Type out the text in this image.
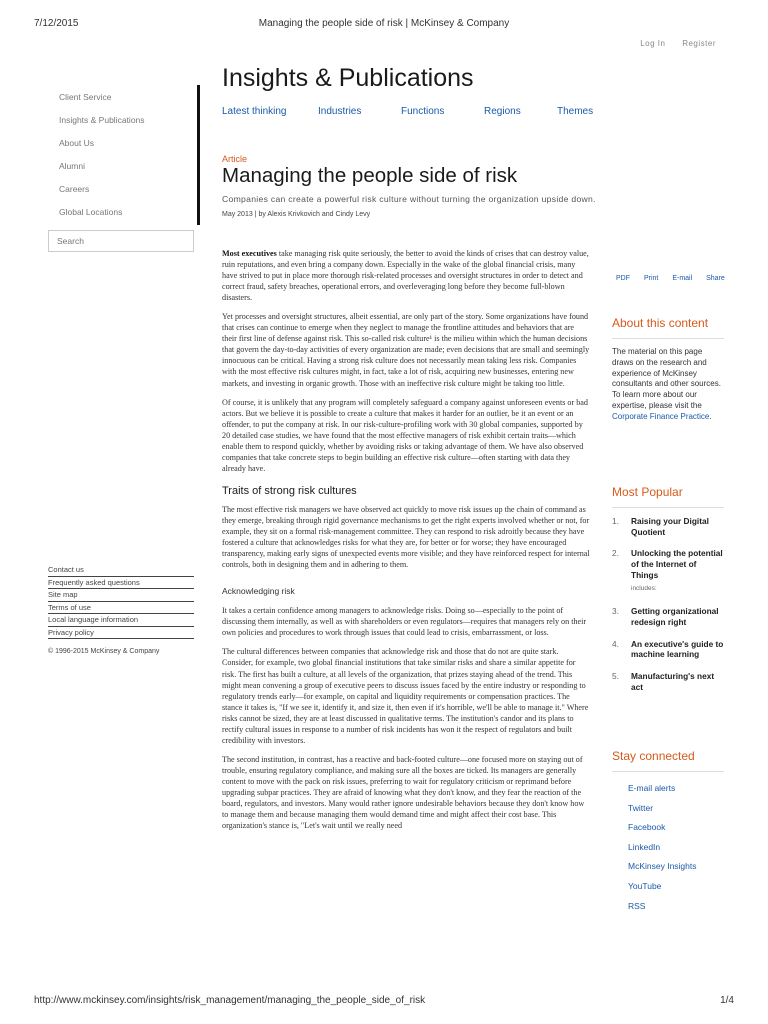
7/12/2015	Managing the people side of risk | McKinsey & Company
http://www.mckinsey.com/insights/risk_management/managing_the_people_side_of_risk	1/4
Log In Register
Client Service
Insights & Publications
About Us
Alumni
Careers
Global Locations
Search
Contact us
Frequently asked questions
Site map
Terms of use
Local language information
Privacy policy
© 1996-2015 McKinsey & Company
Insights & Publications
Latest thinking	Industries	Functions	Regions	Themes
Article
Managing the people side of risk
Companies can create a powerful risk culture without turning the organization upside down.
May 2013 | by Alexis Krivkovich and Cindy Levy

Most executives take managing risk quite seriously, the better to avoid the kinds of crises that can destroy value, ruin reputations, and even bring a company down. Especially in the wake of the global financial crisis, many have strived to put in place more thorough risk-related processes and oversight structures in order to detect and correct fraud, safety breaches, operational errors, and overleveraging long before they become full-blown disasters.

Yet processes and oversight structures, albeit essential, are only part of the story. Some organizations have found that crises can continue to emerge when they neglect to manage the frontline attitudes and behaviors that are their first line of defense against risk. This so-called risk culture¹ is the milieu within which the human decisions that govern the day-to-day activities of every organization are made; even decisions that are small and seemingly innocuous can be critical. Having a strong risk culture does not necessarily mean taking less risk. Companies with the most effective risk cultures might, in fact, take a lot of risk, acquiring new businesses, entering new markets, and investing in organic growth. Those with an ineffective risk culture might be taking too little.

Of course, it is unlikely that any program will completely safeguard a company against unforeseen events or bad actors. But we believe it is possible to create a culture that makes it harder for an outlier, be it an event or an offender, to put the company at risk. In our risk-culture-profiling work with 30 global companies, supported by 20 detailed case studies, we have found that the most effective managers of risk exhibit certain traits—which enable them to respond quickly, whether by avoiding risks or taking advantage of them. We have also observed companies that take concrete steps to begin building an effective risk culture—often starting with data they already have.

Traits of strong risk cultures

The most effective risk managers we have observed act quickly to move risk issues up the chain of command as they emerge, breaking through rigid governance mechanisms to get the right experts involved whether or not, for example, they sit on a formal risk-management committee. They can respond to risk adroitly because they have fostered a culture that acknowledges risks for what they are, for better or for worse; they have encouraged transparency, making early signs of unexpected events more visible; and they have reinforced respect for internal controls, both in designing them and in adhering to them.

Acknowledging risk

It takes a certain confidence among managers to acknowledge risks. Doing so—especially to the point of discussing them internally, as well as with shareholders or even regulators—requires that managers rely on their own policies and procedures to work through issues that could lead to crisis, embarrassment, or loss.

The cultural differences between companies that acknowledge risk and those that do not are quite stark. Consider, for example, two global financial institutions that take similar risks and share a similar appetite for risk. The first has built a culture, at all levels of the organization, that prizes staying ahead of the trend. This might mean convening a group of executive peers to discuss issues faced by the entire industry or responding to regulatory trends early—for example, on capital and liquidity requirements or compensation practices. The stance it takes is, "If we see it, identify it, and size it, then even if it's horrible, we'll be able to manage it." Where risks cannot be sized, they are at least discussed in qualitative terms. The institution's candor and its plans to rectify cultural issues in response to a number of risk incidents has won it the respect of regulators and built credibility with investors.

The second institution, in contrast, has a reactive and back-footed culture—one focused more on staying out of trouble, ensuring regulatory compliance, and making sure all the boxes are ticked. Its managers are generally content to move with the pack on risk issues, preferring to wait for regulatory criticism or reprimand before upgrading subpar practices. They are afraid of knowing what they don't know, and they fear the reaction of the board, regulators, and investors. Many would rather ignore undesirable behaviors because they don't know how to manage them and because managing them would demand time and might affect their cost base. This organization's stance is, "Let's wait until we really need

PDF Print E-mail Share
About this content

The material on this page draws on the research and experience of McKinsey consultants and other sources. To learn more about our expertise, please visit the Corporate Finance Practice.

Most Popular
1.	Raising your Digital Quotient
2.	Unlocking the potential of the Internet of Things
includes:
3.	Getting organizational redesign right
4.	An executive's guide to machine learning
5.	Manufacturing's next act
Stay connected
E-mail alerts
Twitter
Facebook
LinkedIn
McKinsey Insights
YouTube
RSS
